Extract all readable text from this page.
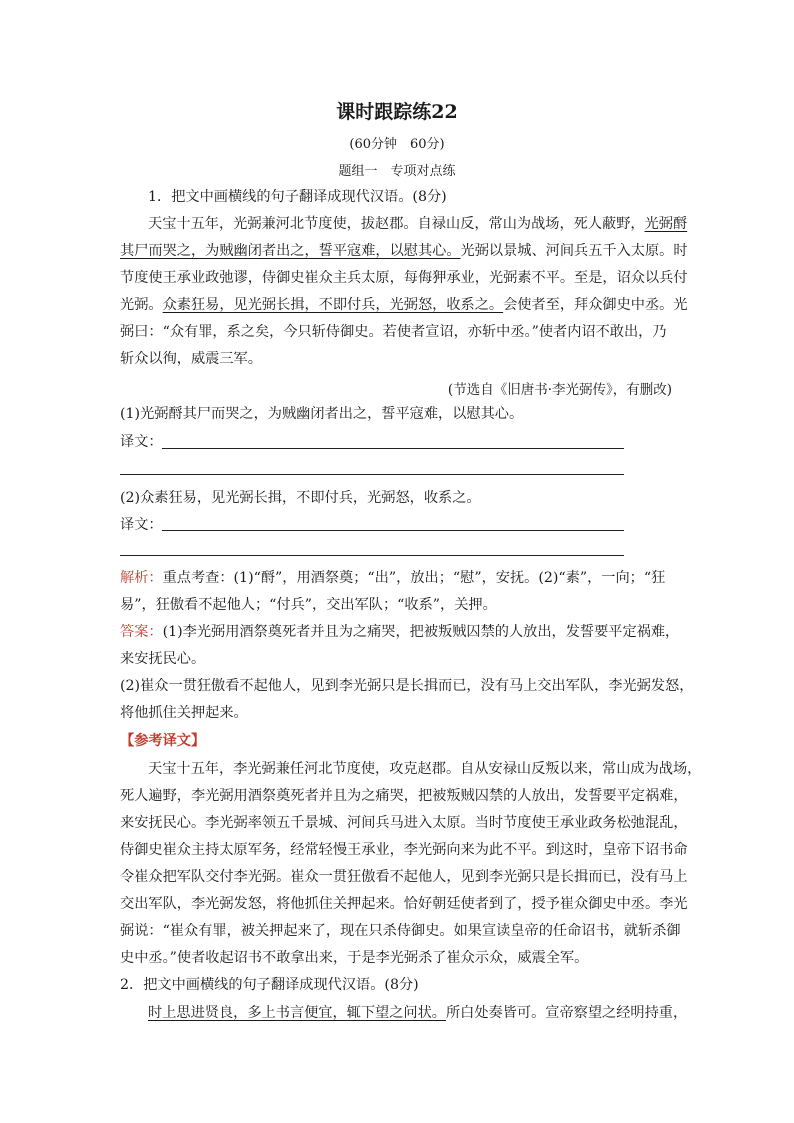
课时跟踪练22
(60分钟　60分)
题组一　专项对点练
1．把文中画横线的句子翻译成现代汉语。(8分)
天宝十五年，光弼兼河北节度使，拔赵郡。自禄山反，常山为战场，死人蔽野，光弼酹
其尸而哭之，为贼幽闭者出之，誓平寇难，以慰其心。光弼以景城、河间兵五千入太原。时
节度使王承业政弛谬，侍御史崔众主兵太原，每侮狎承业，光弼素不平。至是，诏众以兵付
光弼。众素狂易，见光弼长揖，不即付兵，光弼怒，收系之。会使者至，拜众御史中丞。光
弼曰：“众有罪，系之矣，今只斩侍御史。若使者宣诏，亦斩中丞。”使者内诏不敢出，乃
斩众以徇，威震三军。
(节选自《旧唐书·李光弼传》，有删改)
(1)光弼酹其尸而哭之，为贼幽闭者出之，誓平寇难，以慰其心。
译文：
(2)众素狂易，见光弼长揖，不即付兵，光弼怒，收系之。
译文：
解析：重点考查：(1)“酹”，用酒祭奠；“出”，放出；“慰”，安抚。(2)“素”，一向；“狂
易”，狂傲看不起他人；“付兵”，交出军队；“收系”，关押。
答案：(1)李光弼用酒祭奠死者并且为之痛哭，把被叛贼囚禁的人放出，发誓要平定祸难，
来安抚民心。
(2)崔众一贯狂傲看不起他人，见到李光弼只是长揖而已，没有马上交出军队，李光弼发怒，
将他抓住关押起来。
【参考译文】
天宝十五年，李光弼兼任河北节度使，攻克赵郡。自从安禄山反叛以来，常山成为战场，
死人遍野，李光弼用酒祭奠死者并且为之痛哭，把被叛贼囚禁的人放出，发誓要平定祸难，
来安抚民心。李光弼率领五千景城、河间兵马进入太原。当时节度使王承业政务松弛混乱，
侍御史崔众主持太原军务，经常轻慢王承业，李光弼向来为此不平。到这时，皇帝下诏书命
令崔众把军队交付李光弼。崔众一贯狂傲看不起他人，见到李光弼只是长揖而已，没有马上
交出军队，李光弼发怒，将他抓住关押起来。恰好朝廷使者到了，授予崔众御史中丞。李光
弼说：“崔众有罪，被关押起来了，现在只杀侍御史。如果宣读皇帝的任命诏书，就斩杀御
史中丞。”使者收起诏书不敢拿出来，于是李光弼杀了崔众示众，威震全军。
2．把文中画横线的句子翻译成现代汉语。(8分)
时上思进贤良，多上书言便宜，辄下望之问状。所白处奏皆可。宣帝察望之经明持重，
